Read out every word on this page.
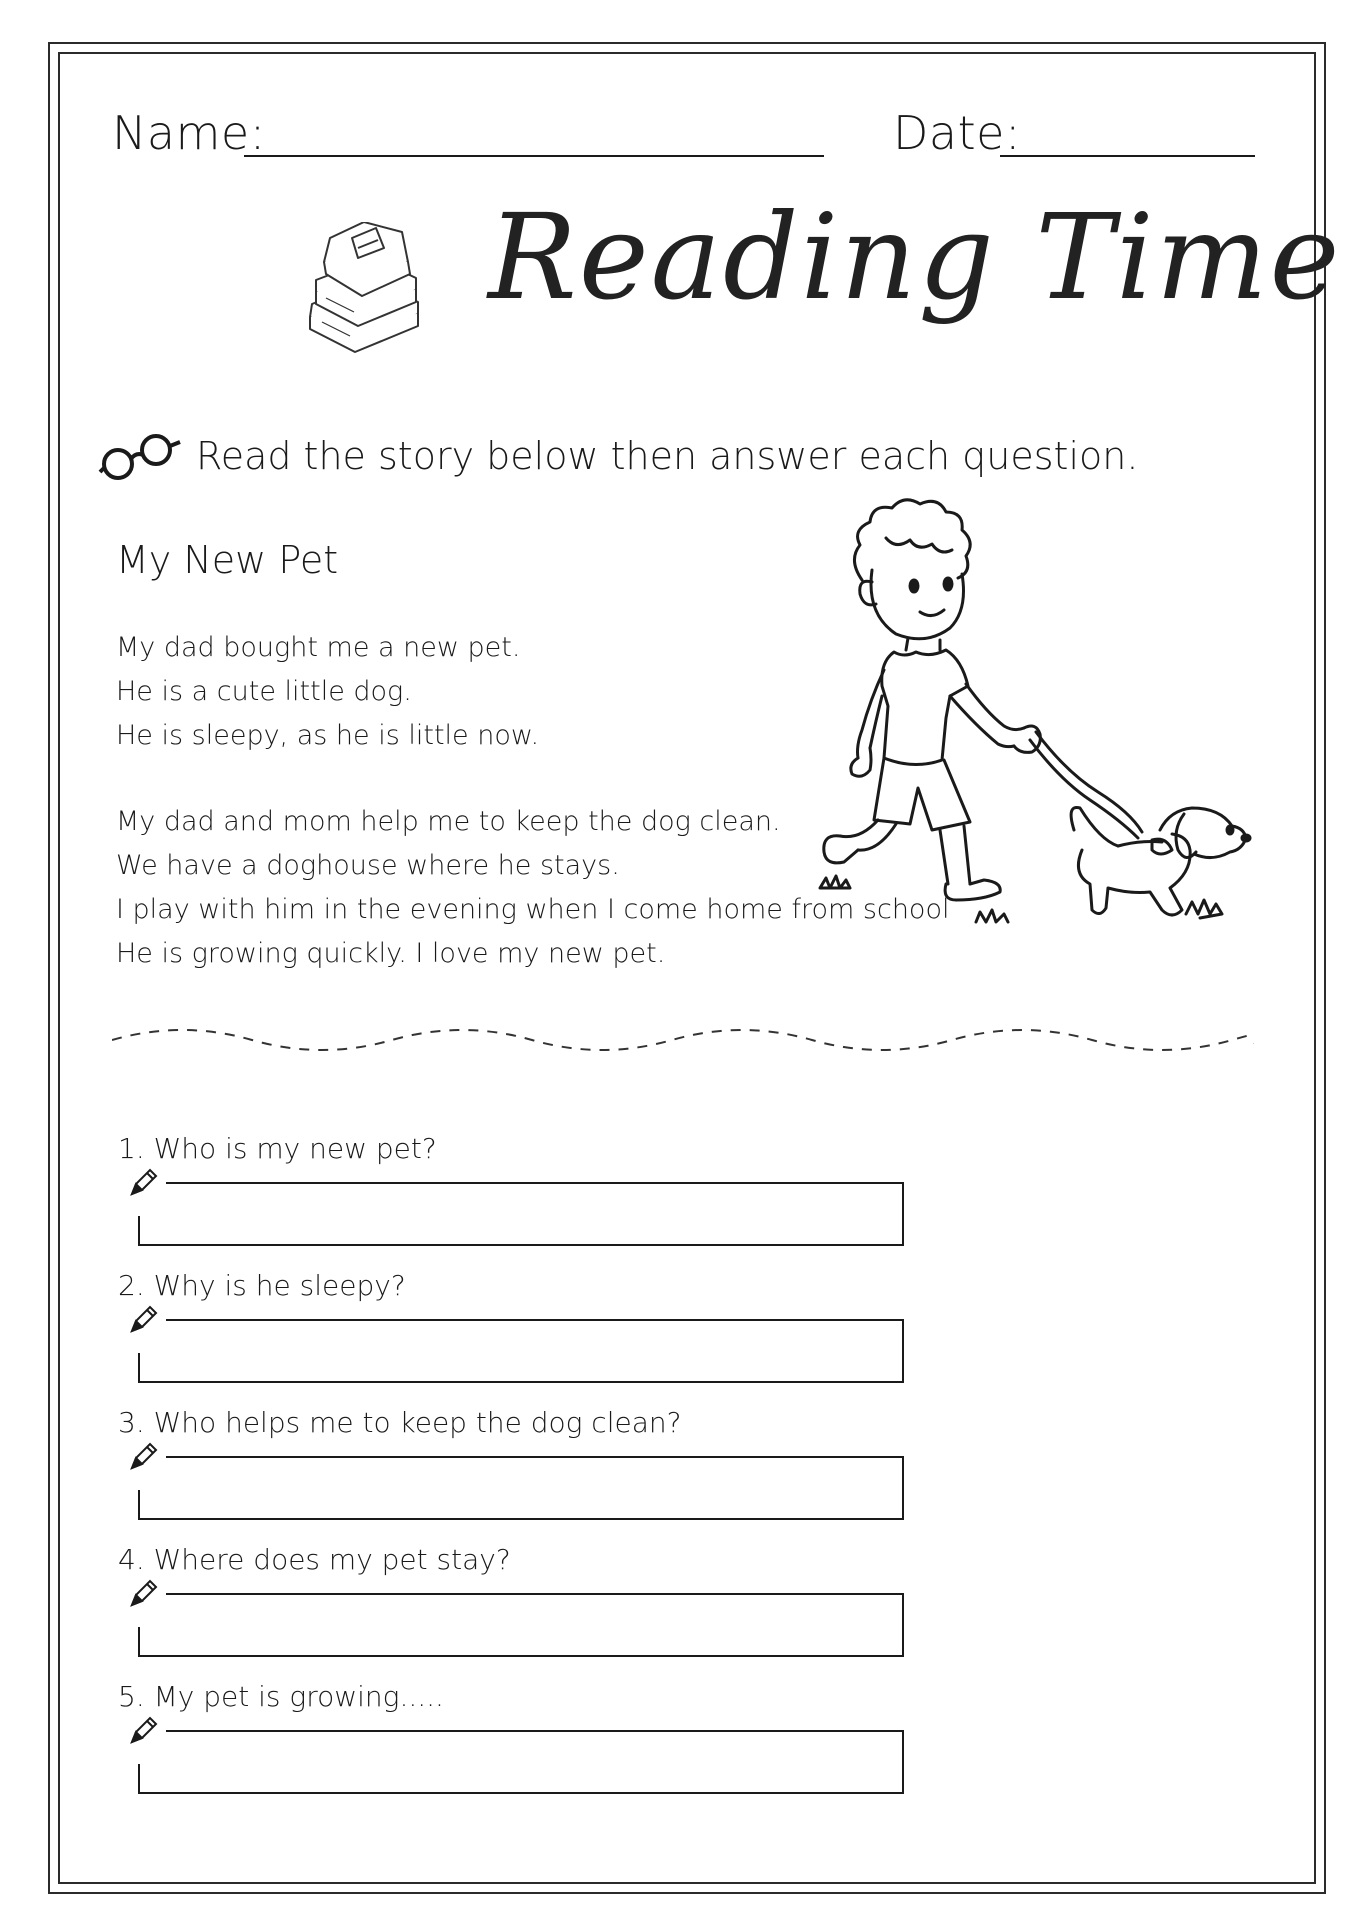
Name:	Date:
Reading Time
Read the story below then answer each question.
My New Pet
My dad bought me a new pet.
He is a cute little dog.
He is sleepy, as he is little now.
My dad and mom help me to keep the dog clean.
We have a doghouse where he stays.
I play with him in the evening when I come home from school
He is growing quickly. I love my new pet.
1. Who is my new pet?
2. Why is he sleepy?
3. Who helps me to keep the dog clean?
4. Where does my pet stay?
5. My pet is growing.....
